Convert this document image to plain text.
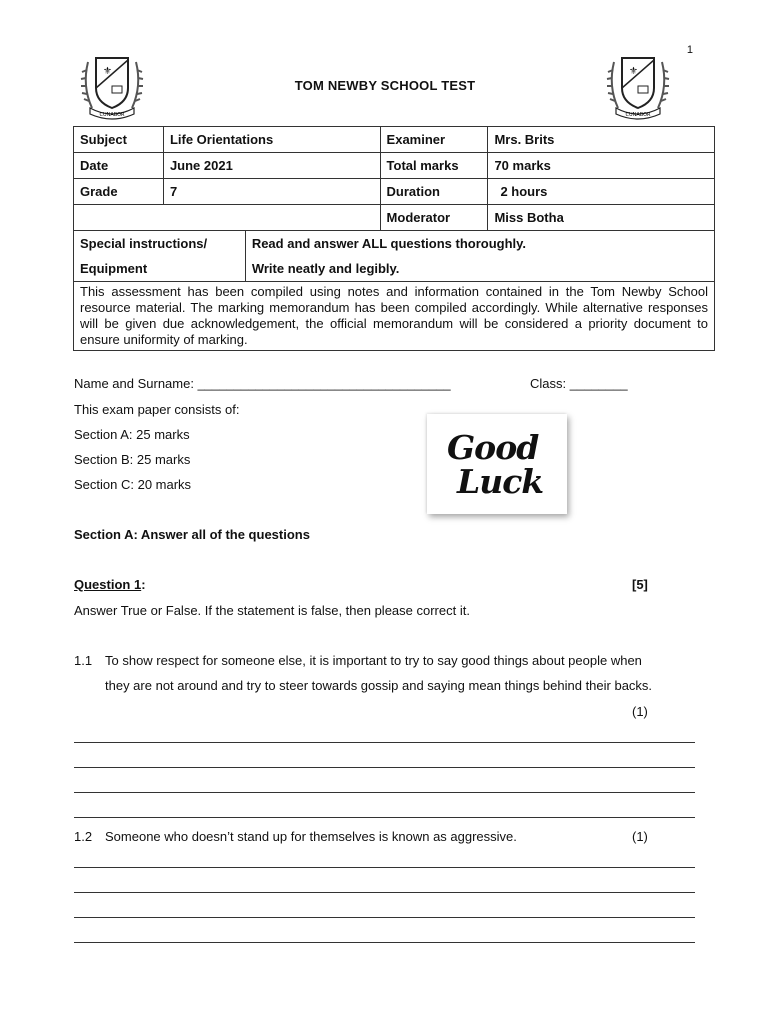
1
⚜
CUNABOR
TOM NEWBY SCHOOL TEST
⚜
CUNABOR
Subject	Life Orientations		Examiner	Mrs. Brits
Date	June 2021		Total marks	70 marks
Grade	7		Duration	2 hours
			Moderator	Miss Botha
Special instructions/		Read and answer ALL questions thoroughly.		
Equipment		Write neatly and legibly.		
This assessment has been compiled using notes and information contained in the Tom Newby School resource material. The marking memorandum has been compiled accordingly. While alternative responses will be given due acknowledgement, the official memorandum will be considered a priority document to ensure uniformity of marking.				
Name and Surname: ___________________________________	Class: ________
This exam paper consists of:
Section A: 25 marks
Section B: 25 marks
Section C: 20 marks
Good
Luck
Section A: Answer all of the questions
Question 1:	[5]
Answer True or False. If the statement is false, then please correct it.
1.1 To show respect for someone else, it is important to try to say good things about people when they are not around and try to steer towards gossip and saying mean things behind their backs.
(1)
1.2 Someone who doesn’t stand up for themselves is known as aggressive.	(1)
